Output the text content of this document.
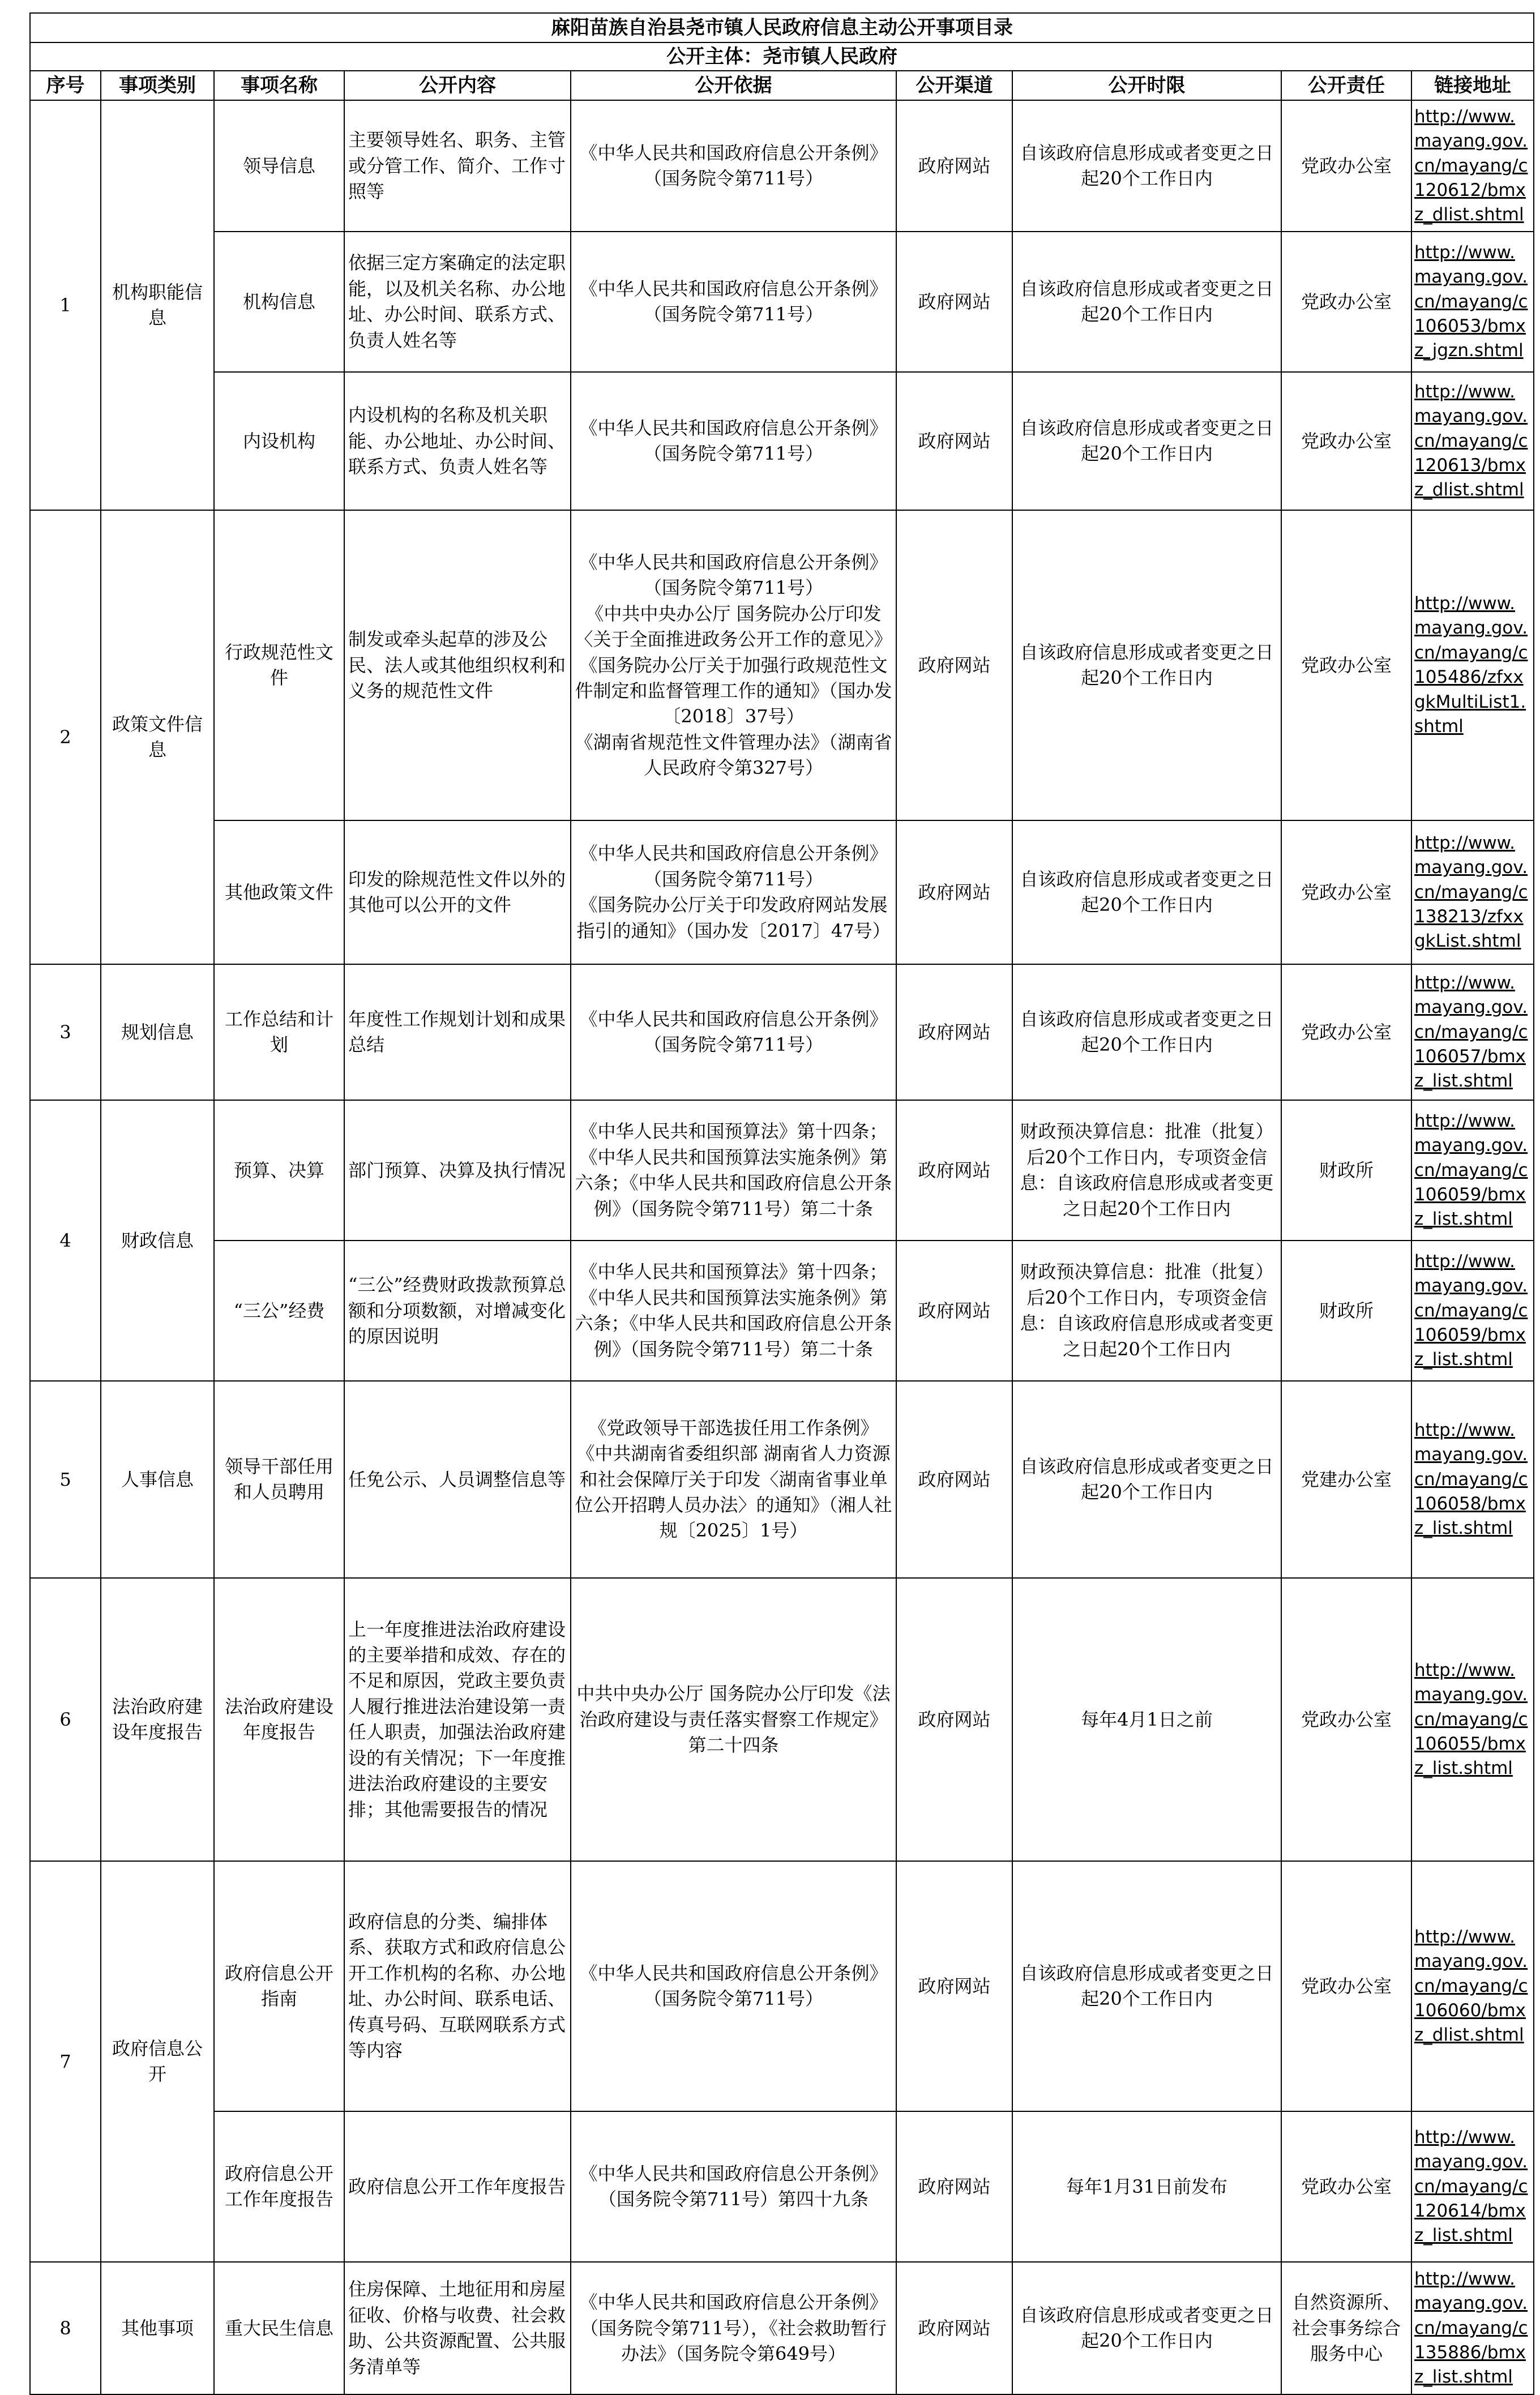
麻阳苗族自治县尧市镇人民政府信息主动公开事项目录								
公开主体：尧市镇人民政府								
序号	事项类别	事项名称	公开内容	公开依据	公开渠道	公开时限	公开责任	链接地址
1	机构职能信息	领导信息	主要领导姓名、职务、主管或分管工作、简介、工作寸照等	《中华人民共和国政府信息公开条例》（国务院令第711号）	政府网站	自该政府信息形成或者变更之日起20个工作日内	党政办公室	http://www.mayang.gov.cn/mayang/c120612/bmxz_dlist.shtml
		机构信息	依据三定方案确定的法定职能，以及机关名称、办公地址、办公时间、联系方式、负责人姓名等	《中华人民共和国政府信息公开条例》（国务院令第711号）	政府网站	自该政府信息形成或者变更之日起20个工作日内	党政办公室	http://www.mayang.gov.cn/mayang/c106053/bmxz_jgzn.shtml
		内设机构	内设机构的名称及机关职能、办公地址、办公时间、联系方式、负责人姓名等	《中华人民共和国政府信息公开条例》（国务院令第711号）	政府网站	自该政府信息形成或者变更之日起20个工作日内	党政办公室	http://www.mayang.gov.cn/mayang/c120613/bmxz_dlist.shtml
2	政策文件信息	行政规范性文件	制发或牵头起草的涉及公民、法人或其他组织权利和义务的规范性文件	《中华人民共和国政府信息公开条例》（国务院令第711号）
《中共中央办公厅 国务院办公厅印发〈关于全面推进政务公开工作的意见〉》
《国务院办公厅关于加强行政规范性文件制定和监督管理工作的通知》（国办发〔2018〕37号）
《湖南省规范性文件管理办法》（湖南省人民政府令第327号）	政府网站	自该政府信息形成或者变更之日起20个工作日内	党政办公室	http://www.mayang.gov.cn/mayang/c105486/zfxxgkMultiList1.shtml
		其他政策文件	印发的除规范性文件以外的其他可以公开的文件	《中华人民共和国政府信息公开条例》（国务院令第711号）
《国务院办公厅关于印发政府网站发展指引的通知》（国办发〔2017〕47号）	政府网站	自该政府信息形成或者变更之日起20个工作日内	党政办公室	http://www.mayang.gov.cn/mayang/c138213/zfxxgkList.shtml
3	规划信息	工作总结和计划	年度性工作规划计划和成果总结	《中华人民共和国政府信息公开条例》（国务院令第711号）	政府网站	自该政府信息形成或者变更之日起20个工作日内	党政办公室	http://www.mayang.gov.cn/mayang/c106057/bmxz_list.shtml
4	财政信息	预算、决算	部门预算、决算及执行情况	《中华人民共和国预算法》第十四条；《中华人民共和国预算法实施条例》第六条；《中华人民共和国政府信息公开条例》（国务院令第711号）第二十条	政府网站	财政预决算信息：批准（批复）后20个工作日内，专项资金信息：自该政府信息形成或者变更之日起20个工作日内	财政所	http://www.mayang.gov.cn/mayang/c106059/bmxz_list.shtml
		“三公”经费	“三公”经费财政拨款预算总额和分项数额，对增减变化的原因说明	《中华人民共和国预算法》第十四条；《中华人民共和国预算法实施条例》第六条；《中华人民共和国政府信息公开条例》（国务院令第711号）第二十条	政府网站	财政预决算信息：批准（批复）后20个工作日内，专项资金信息：自该政府信息形成或者变更之日起20个工作日内	财政所	http://www.mayang.gov.cn/mayang/c106059/bmxz_list.shtml
5	人事信息	领导干部任用和人员聘用	任免公示、人员调整信息等	《党政领导干部选拔任用工作条例》
《中共湖南省委组织部 湖南省人力资源和社会保障厅关于印发〈湖南省事业单位公开招聘人员办法〉的通知》（湘人社规〔2025〕1号）	政府网站	自该政府信息形成或者变更之日起20个工作日内	党建办公室	http://www.mayang.gov.cn/mayang/c106058/bmxz_list.shtml
6	法治政府建设年度报告	法治政府建设年度报告	上一年度推进法治政府建设的主要举措和成效、存在的不足和原因，党政主要负责人履行推进法治建设第一责任人职责，加强法治政府建设的有关情况；下一年度推进法治政府建设的主要安排；其他需要报告的情况	中共中央办公厅 国务院办公厅印发《法治政府建设与责任落实督察工作规定》第二十四条	政府网站	每年4月1日之前	党政办公室	http://www.mayang.gov.cn/mayang/c106055/bmxz_list.shtml
7	政府信息公开	政府信息公开指南	政府信息的分类、编排体系、获取方式和政府信息公开工作机构的名称、办公地址、办公时间、联系电话、传真号码、互联网联系方式等内容	《中华人民共和国政府信息公开条例》（国务院令第711号）	政府网站	自该政府信息形成或者变更之日起20个工作日内	党政办公室	http://www.mayang.gov.cn/mayang/c106060/bmxz_dlist.shtml
		政府信息公开工作年度报告	政府信息公开工作年度报告	《中华人民共和国政府信息公开条例》（国务院令第711号）第四十九条	政府网站	每年1月31日前发布	党政办公室	http://www.mayang.gov.cn/mayang/c120614/bmxz_list.shtml
8	其他事项	重大民生信息	住房保障、土地征用和房屋征收、价格与收费、社会救助、公共资源配置、公共服务清单等	《中华人民共和国政府信息公开条例》（国务院令第711号），《社会救助暂行办法》（国务院令第649号）	政府网站	自该政府信息形成或者变更之日起20个工作日内	自然资源所、社会事务综合服务中心	http://www.mayang.gov.cn/mayang/c135886/bmxz_list.shtml
